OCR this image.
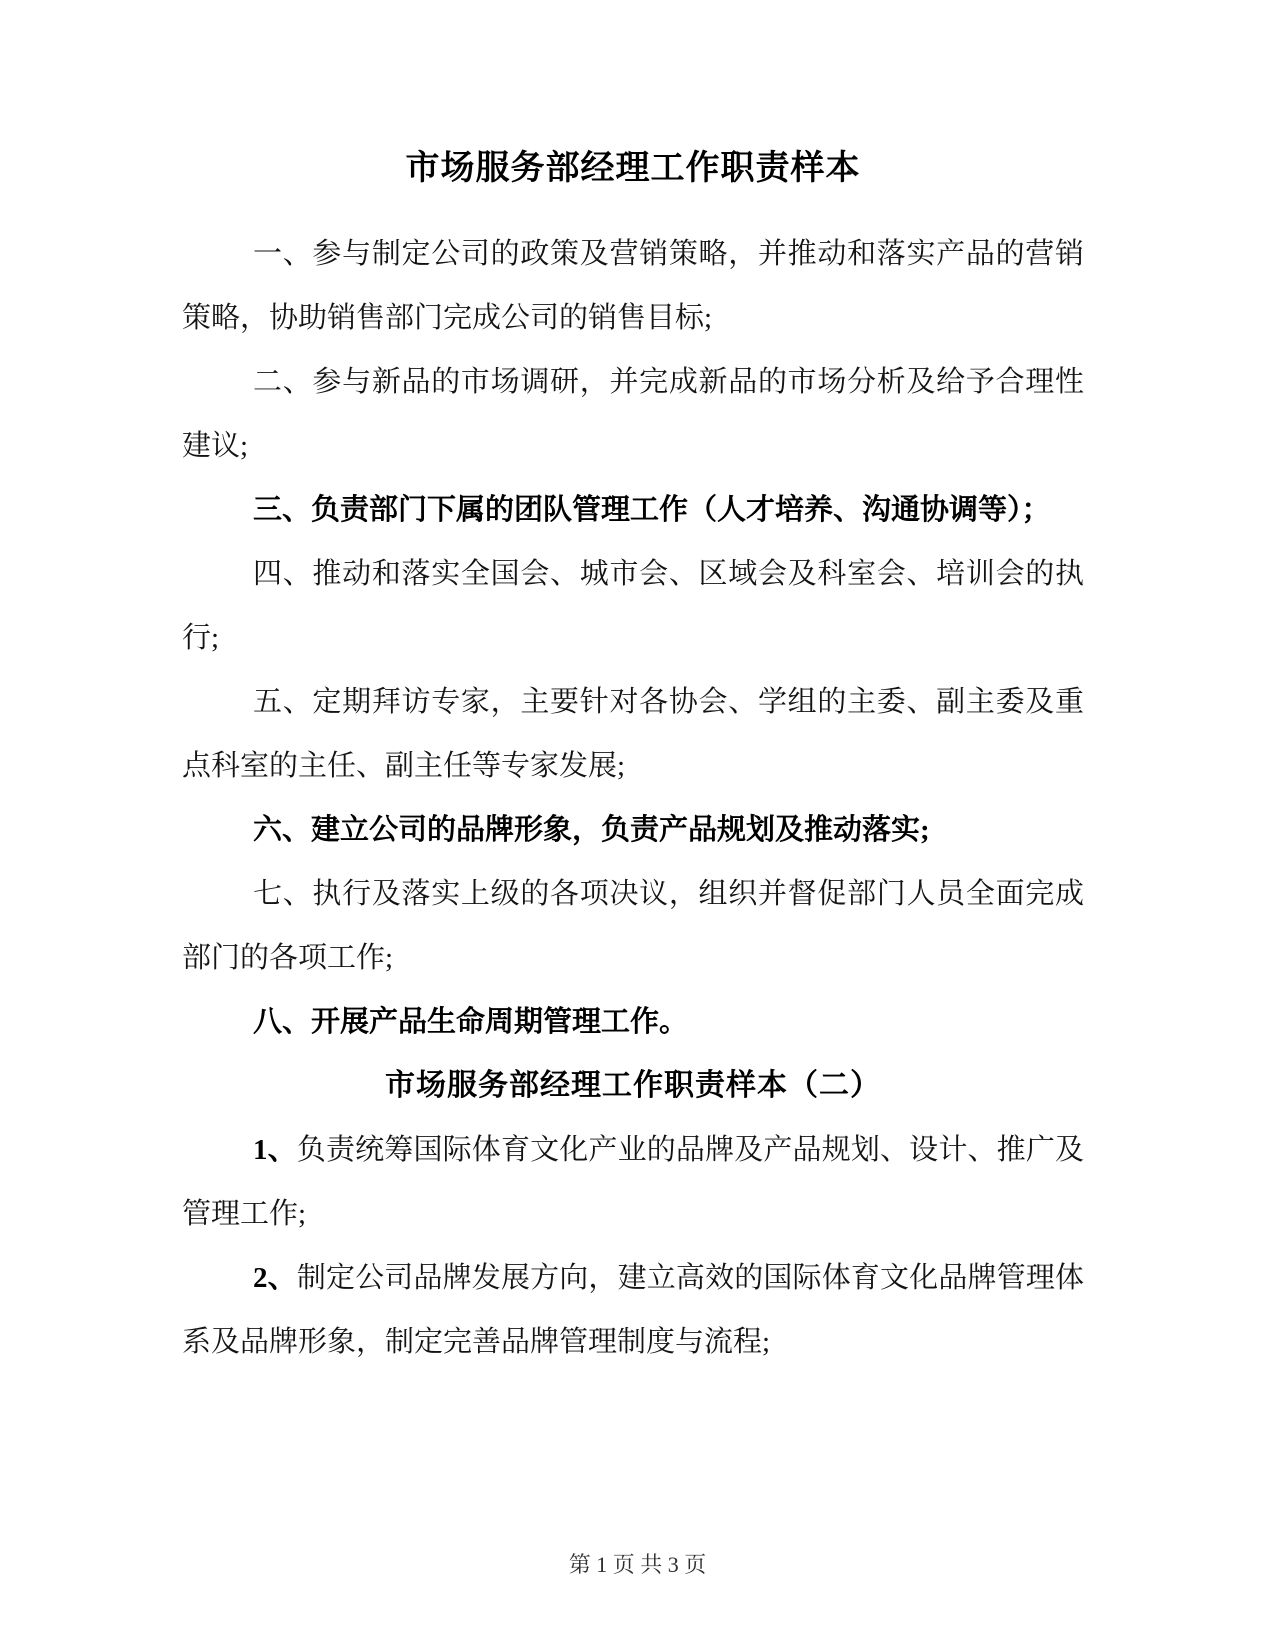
市场服务部经理工作职责样本

一、参与制定公司的政策及营销策略，并推动和落实产品的营销策略，协助销售部门完成公司的销售目标;

二、参与新品的市场调研，并完成新品的市场分析及给予合理性建议;

三、负责部门下属的团队管理工作（人才培养、沟通协调等）；

四、推动和落实全国会、城市会、区域会及科室会、培训会的执行;

五、定期拜访专家，主要针对各协会、学组的主委、副主委及重点科室的主任、副主任等专家发展;

六、建立公司的品牌形象，负责产品规划及推动落实;

七、执行及落实上级的各项决议，组织并督促部门人员全面完成部门的各项工作;

八、开展产品生命周期管理工作。

市场服务部经理工作职责样本（二）

1、负责统筹国际体育文化产业的品牌及产品规划、设计、推广及管理工作;

2、制定公司品牌发展方向，建立高效的国际体育文化品牌管理体系及品牌形象，制定完善品牌管理制度与流程;

第 1 页 共 3 页
